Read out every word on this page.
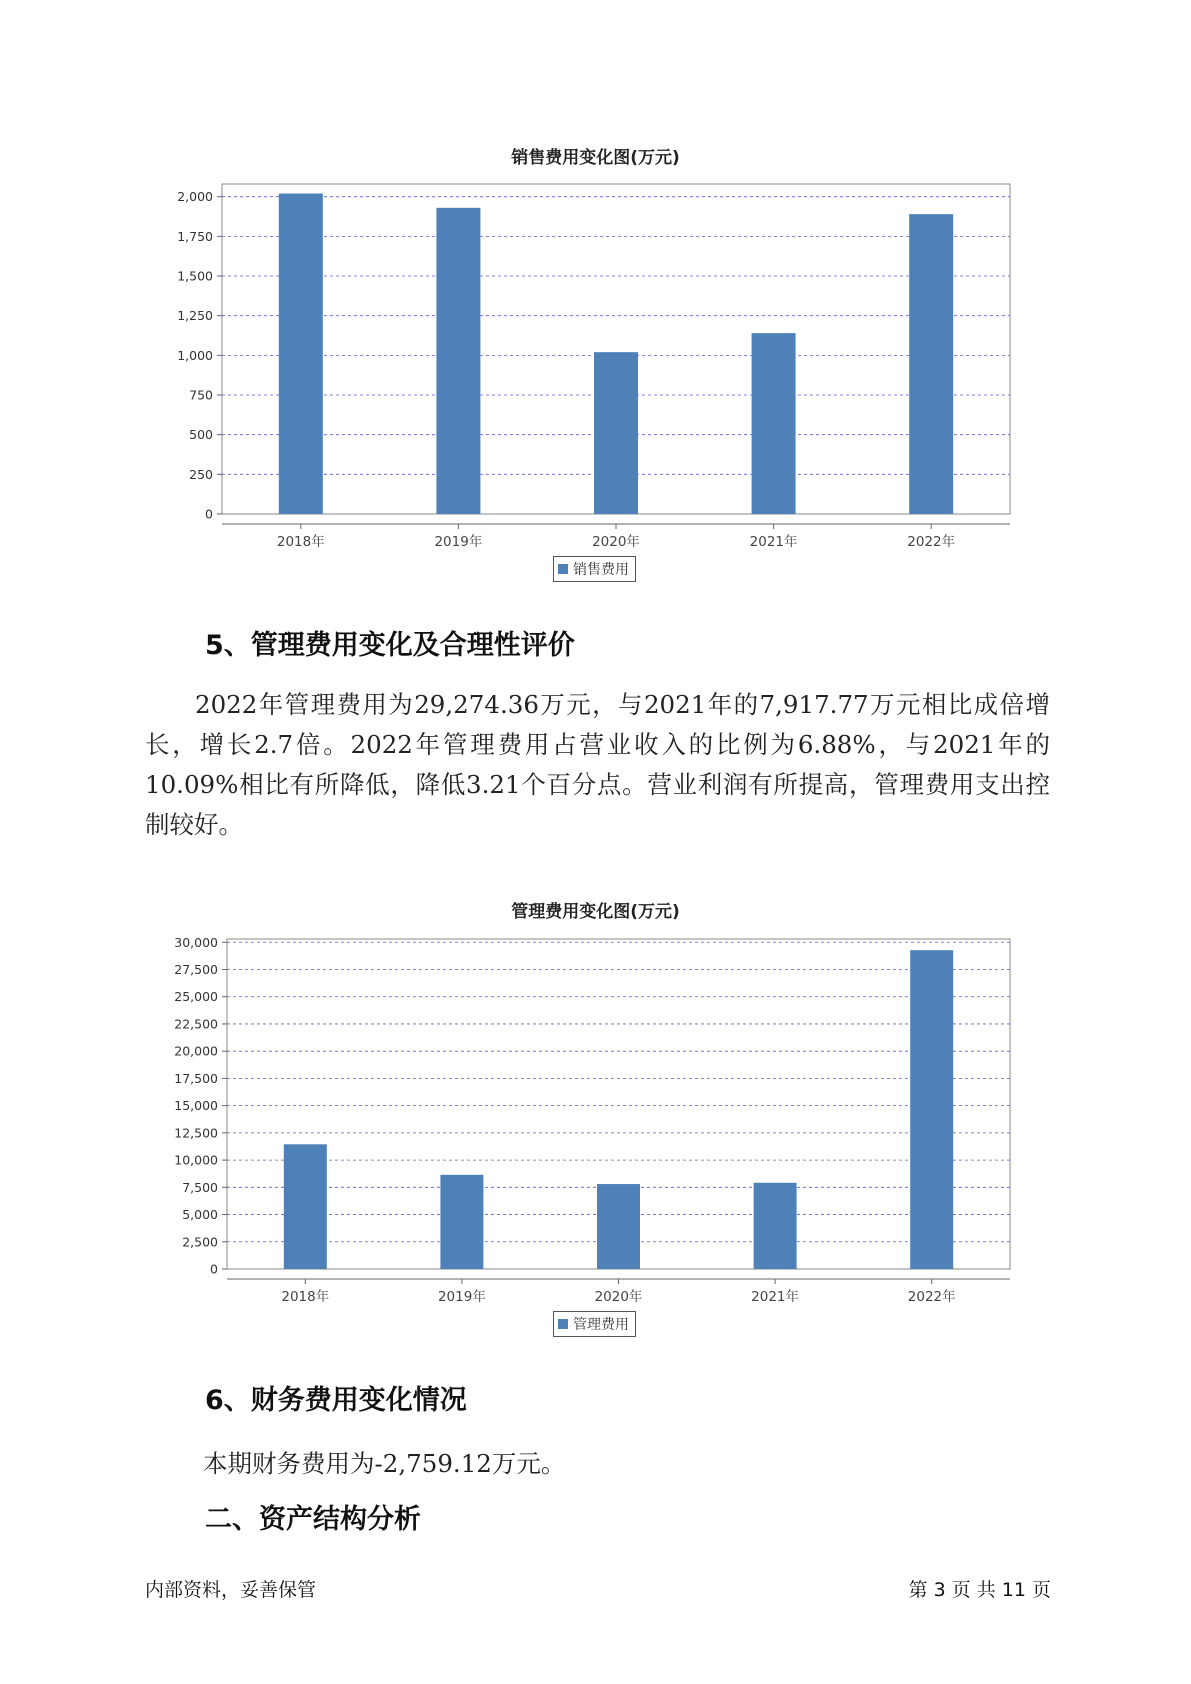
销售费用变化图(万元)
0
250
500
750
1,000
1,250
1,500
1,750
2,000
2018年	2019年	2020年	2021年	2022年
销售费用
5、管理费用变化及合理性评价
2022年管理费用为29,274.36万元，与2021年的7,917.77万元相比成倍增长，增长2.7倍。2022年管理费用占营业收入的比例为6.88%，与2021年的10.09%相比有所降低，降低3.21个百分点。营业利润有所提高，管理费用支出控制较好。
管理费用变化图(万元)
0
2,500
5,000
7,500
10,000
12,500
15,000
17,500
20,000
22,500
25,000
27,500
30,000
2018年	2019年	2020年	2021年	2022年
管理费用
6、财务费用变化情况
本期财务费用为-2,759.12万元。
二、资产结构分析
内部资料，妥善保管	第 3 页 共 11 页
